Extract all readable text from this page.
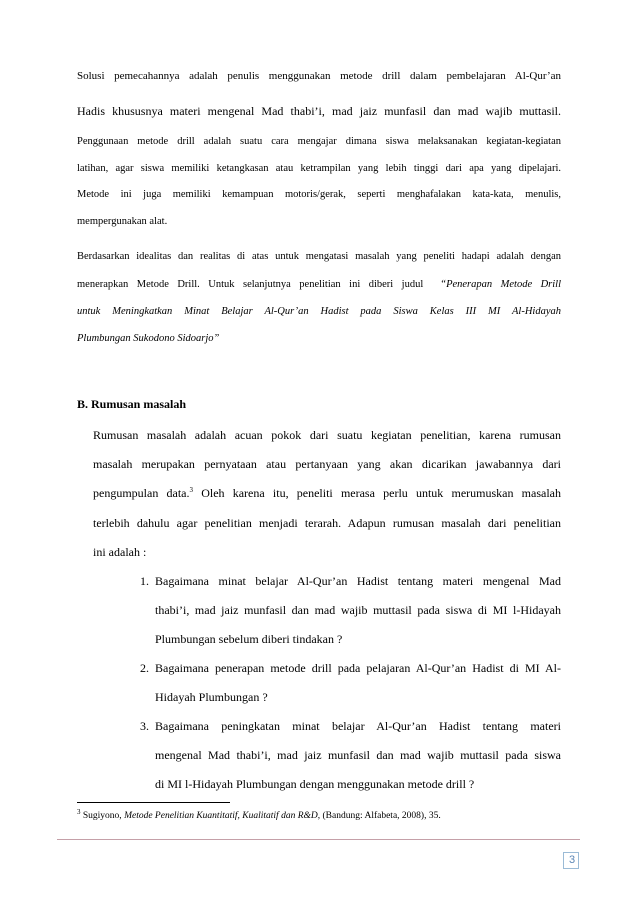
Solusi pemecahannya adalah penulis menggunakan metode drill dalam pembelajaran Al-Qur’an

Hadis khususnya materi mengenal Mad thabi’i, mad jaiz munfasil dan mad wajib muttasil.

Penggunaan metode drill adalah suatu cara mengajar dimana siswa melaksanakan kegiatan-kegiatan

latihan, agar siswa memiliki ketangkasan atau ketrampilan yang lebih tinggi dari apa yang dipelajari.

Metode ini juga memiliki kemampuan motoris/gerak, seperti menghafalakan kata-kata, menulis,

mempergunakan alat.

Berdasarkan idealitas dan realitas di atas untuk mengatasi masalah yang peneliti hadapi adalah dengan

menerapkan Metode Drill. Untuk selanjutnya penelitian ini diberi judul “Penerapan Metode Drill

untuk Meningkatkan Minat Belajar Al-Qur’an Hadist pada Siswa Kelas III MI Al-Hidayah

Plumbungan Sukodono Sidoarjo”

B. Rumusan masalah

Rumusan masalah adalah acuan pokok dari suatu kegiatan penelitian, karena rumusan

masalah merupakan pernyataan atau pertanyaan yang akan dicarikan jawabannya dari

pengumpulan data.$^3$ Oleh karena itu, peneliti merasa perlu untuk merumuskan masalah

terlebih dahulu agar penelitian menjadi terarah. Adapun rumusan masalah dari penelitian

ini adalah :

1. Bagaimana minat belajar Al-Qur’an Hadist tentang materi mengenal Mad

thabi’i, mad jaiz munfasil dan mad wajib muttasil pada siswa di MI l-Hidayah

Plumbungan sebelum diberi tindakan ?

2. Bagaimana penerapan metode drill pada pelajaran Al-Qur’an Hadist di MI Al-

Hidayah Plumbungan ?

3. Bagaimana peningkatan minat belajar Al-Qur’an Hadist tentang materi

mengenal Mad thabi’i, mad jaiz munfasil dan mad wajib muttasil pada siswa

di MI l-Hidayah Plumbungan dengan menggunakan metode drill ?

$^3$ Sugiyono, Metode Penelitian Kuantitatif, Kualitatif dan R&D, (Bandung: Alfabeta, 2008), 35.
3
